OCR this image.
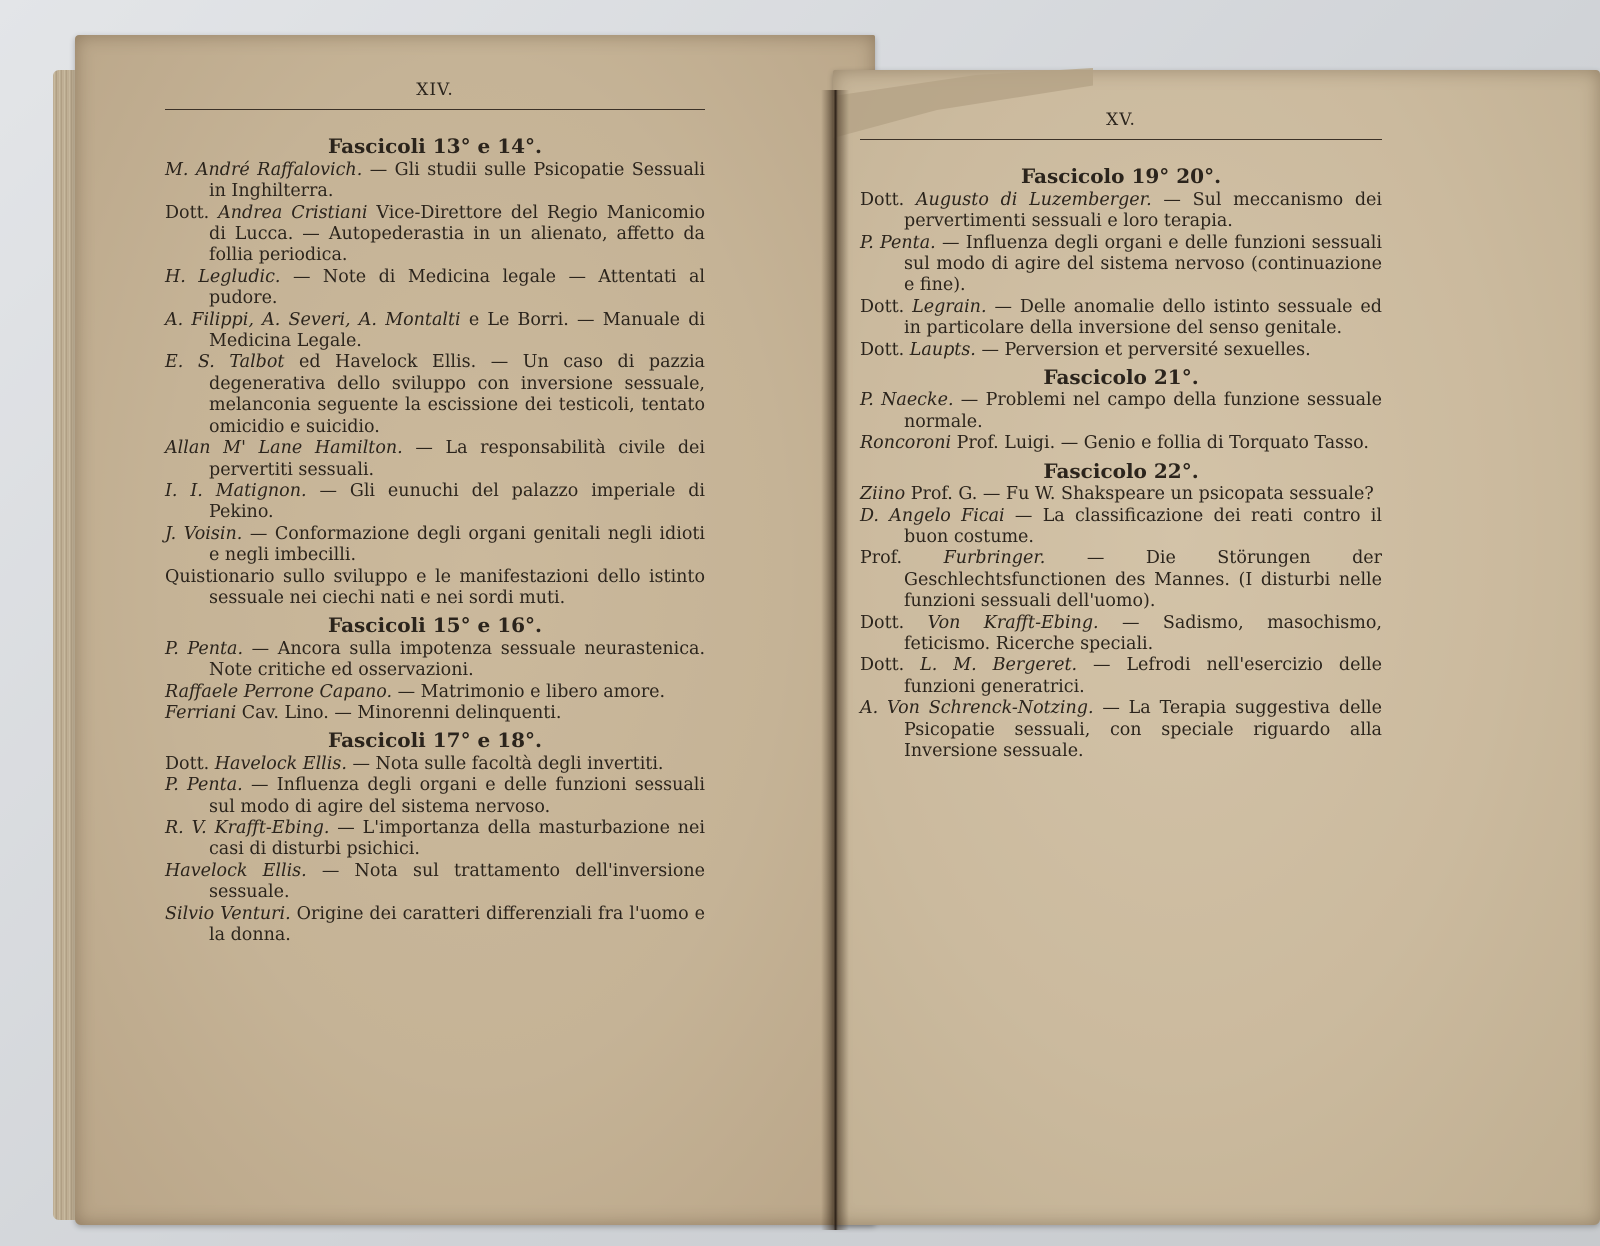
XIV.
Fascicoli 13° e 14°.
M. André Raffalovich. — Gli studii sulle Psicopatie Sessuali in Inghilterra.
Dott. Andrea Cristiani Vice-Direttore del Regio Manicomio di Lucca. — Autopederastia in un alienato, affetto da follia periodica.
H. Legludic. — Note di Medicina legale — Attentati al pudore.
A. Filippi, A. Severi, A. Montalti e Le Borri. — Manuale di Medicina Legale.
E. S. Talbot ed Havelock Ellis. — Un caso di pazzia degenerativa dello sviluppo con inversione sessuale, melanconia seguente la escissione dei testicoli, tentato omicidio e suicidio.
Allan M' Lane Hamilton. — La responsabilità civile dei pervertiti sessuali.
I. I. Matignon. — Gli eunuchi del palazzo imperiale di Pekino.
J. Voisin. — Conformazione degli organi genitali negli idioti e negli imbecilli.
Quistionario sullo sviluppo e le manifestazioni dello istinto sessuale nei ciechi nati e nei sordi muti.
Fascicoli 15° e 16°.
P. Penta. — Ancora sulla impotenza sessuale neurastenica. Note critiche ed osservazioni.
Raffaele Perrone Capano. — Matrimonio e libero amore.
Ferriani Cav. Lino. — Minorenni delinquenti.
Fascicoli 17° e 18°.
Dott. Havelock Ellis. — Nota sulle facoltà degli invertiti.
P. Penta. — Influenza degli organi e delle funzioni sessuali sul modo di agire del sistema nervoso.
R. V. Krafft-Ebing. — L'importanza della masturbazione nei casi di disturbi psichici.
Havelock Ellis. — Nota sul trattamento dell'inversione sessuale.
Silvio Venturi. Origine dei caratteri differenziali fra l'uomo e la donna.
XV.
Fascicolo 19° 20°.
Dott. Augusto di Luzemberger. — Sul meccanismo dei pervertimenti sessuali e loro terapia.
P. Penta. — Influenza degli organi e delle funzioni sessuali sul modo di agire del sistema nervoso (continuazione e fine).
Dott. Legrain. — Delle anomalie dello istinto sessuale ed in particolare della inversione del senso genitale.
Dott. Laupts. — Perversion et perversité sexuelles.
Fascicolo 21°.
P. Naecke. — Problemi nel campo della funzione sessuale normale.
Roncoroni Prof. Luigi. — Genio e follia di Torquato Tasso.
Fascicolo 22°.
Ziino Prof. G. — Fu W. Shakspeare un psicopata sessuale?
D. Angelo Ficai — La classificazione dei reati contro il buon costume.
Prof. Furbringer. — Die Störungen der Geschlechtsfunctionen des Mannes. (I disturbi nelle funzioni sessuali dell'uomo).
Dott. Von Krafft-Ebing. — Sadismo, masochismo, feticismo. Ricerche speciali.
Dott. L. M. Bergeret. — Lefrodi nell'esercizio delle funzioni generatrici.
A. Von Schrenck-Notzing. — La Terapia suggestiva delle Psicopatie sessuali, con speciale riguardo alla Inversione sessuale.
